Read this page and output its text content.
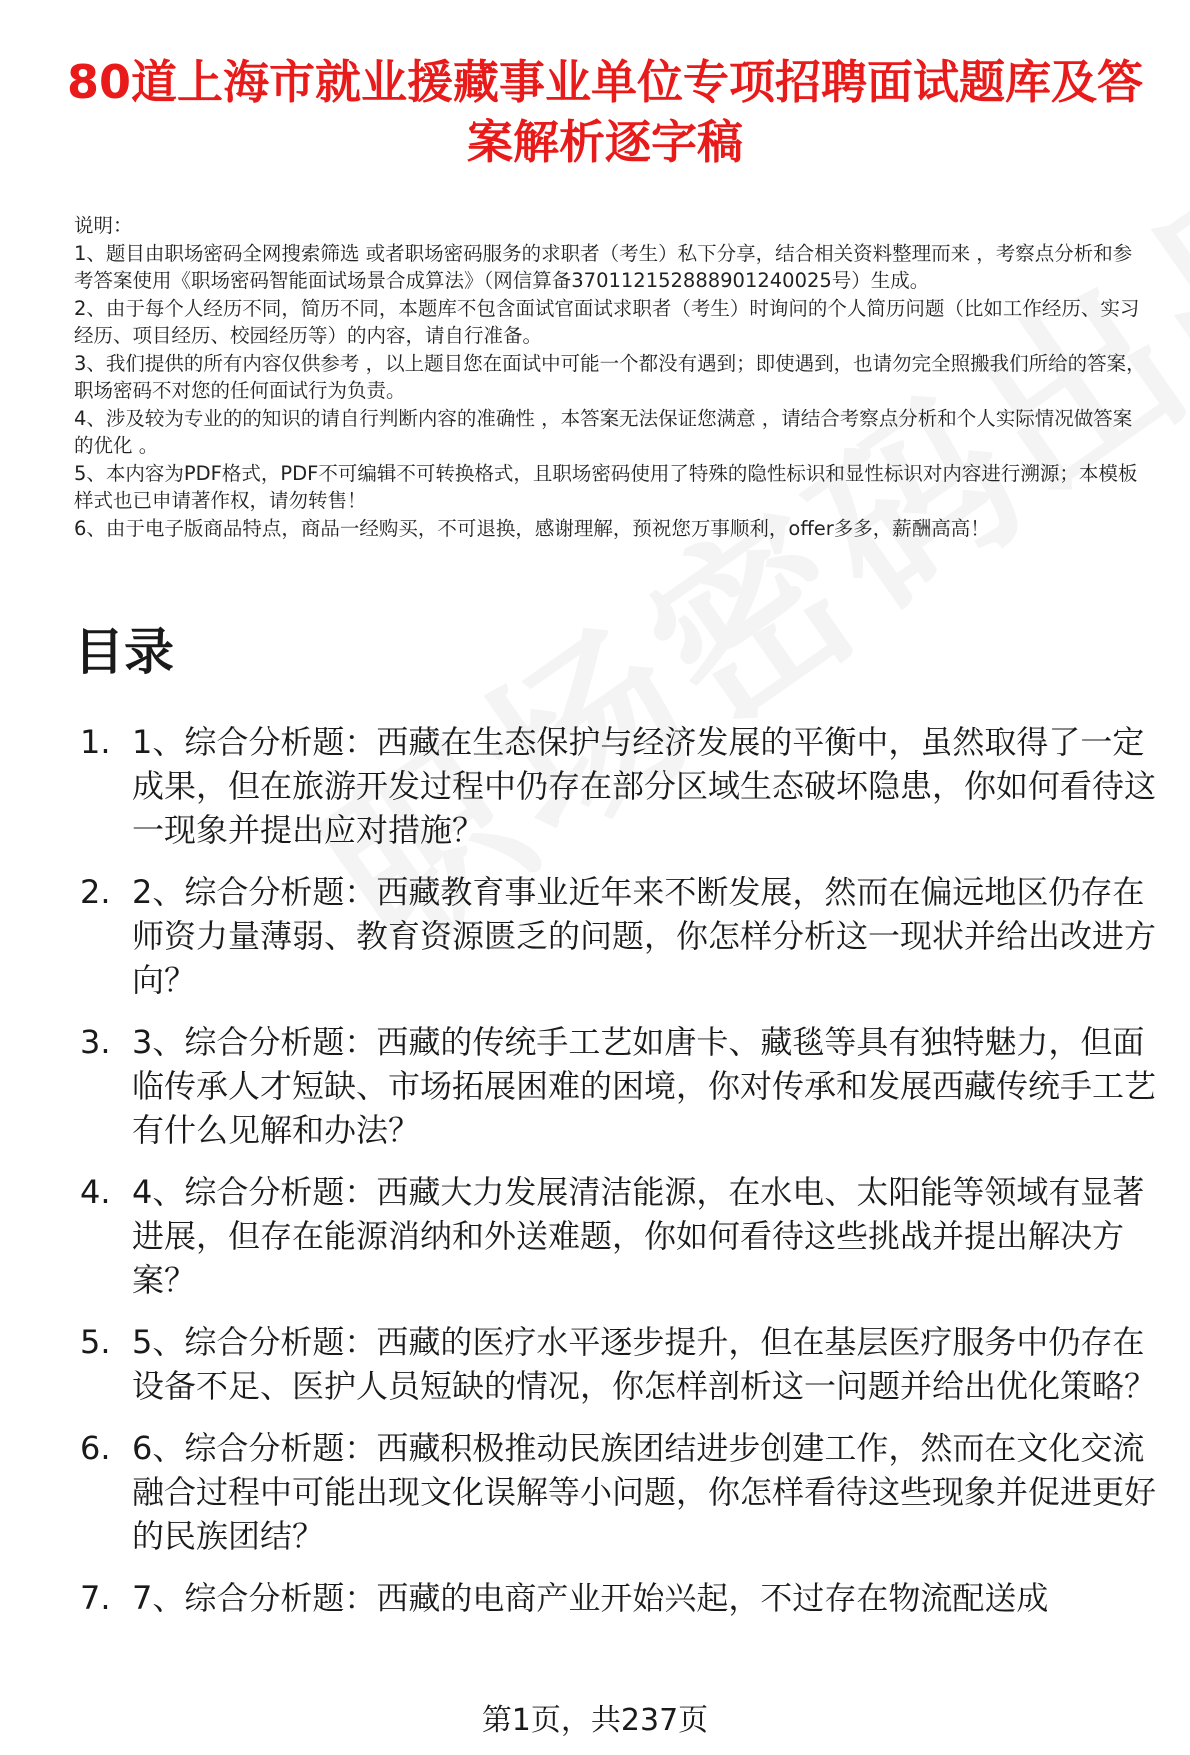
80道上海市就业援藏事业单位专项招聘面试题库及答案解析逐字稿

说明：

1、题目由职场密码全网搜索筛选 或者职场密码服务的求职者（考生）私下分享，结合相关资料整理而来 ，考察点分析和参考答案使用《职场密码智能面试场景合成算法》（网信算备370112152888901240025号）生成。

2、由于每个人经历不同，简历不同，本题库不包含面试官面试求职者（考生）时询问的个人简历问题（比如工作经历、实习经历、项目经历、校园经历等）的内容，请自行准备。

3、我们提供的所有内容仅供参考 ，以上题目您在面试中可能一个都没有遇到；即使遇到，也请勿完全照搬我们所给的答案，职场密码不对您的任何面试行为负责。

4、涉及较为专业的的知识的请自行判断内容的准确性 ，本答案无法保证您满意 ，请结合考察点分析和个人实际情况做答案的优化 。

5、本内容为PDF格式，PDF不可编辑不可转换格式，且职场密码使用了特殊的隐性标识和显性标识对内容进行溯源；本模板样式也已申请著作权，请勿转售！

6、由于电子版商品特点，商品一经购买，不可退换，感谢理解，预祝您万事顺利，offer多多，薪酬高高！

目录
1. 1、综合分析题：西藏在生态保护与经济发展的平衡中，虽然取得了一定成果，但在旅游开发过程中仍存在部分区域生态破坏隐患，你如何看待这一现象并提出应对措施？
2. 2、综合分析题：西藏教育事业近年来不断发展，然而在偏远地区仍存在师资力量薄弱、教育资源匮乏的问题，你怎样分析这一现状并给出改进方向？
3. 3、综合分析题：西藏的传统手工艺如唐卡、藏毯等具有独特魅力，但面临传承人才短缺、市场拓展困难的困境，你对传承和发展西藏传统手工艺有什么见解和办法？
4. 4、综合分析题：西藏大力发展清洁能源，在水电、太阳能等领域有显著进展，但存在能源消纳和外送难题，你如何看待这些挑战并提出解决方案？
5. 5、综合分析题：西藏的医疗水平逐步提升，但在基层医疗服务中仍存在设备不足、医护人员短缺的情况，你怎样剖析这一问题并给出优化策略？
6. 6、综合分析题：西藏积极推动民族团结进步创建工作，然而在文化交流融合过程中可能出现文化误解等小问题，你怎样看待这些现象并促进更好的民族团结？
7. 7、综合分析题：西藏的电商产业开始兴起，不过存在物流配送成
第1页，共237页
